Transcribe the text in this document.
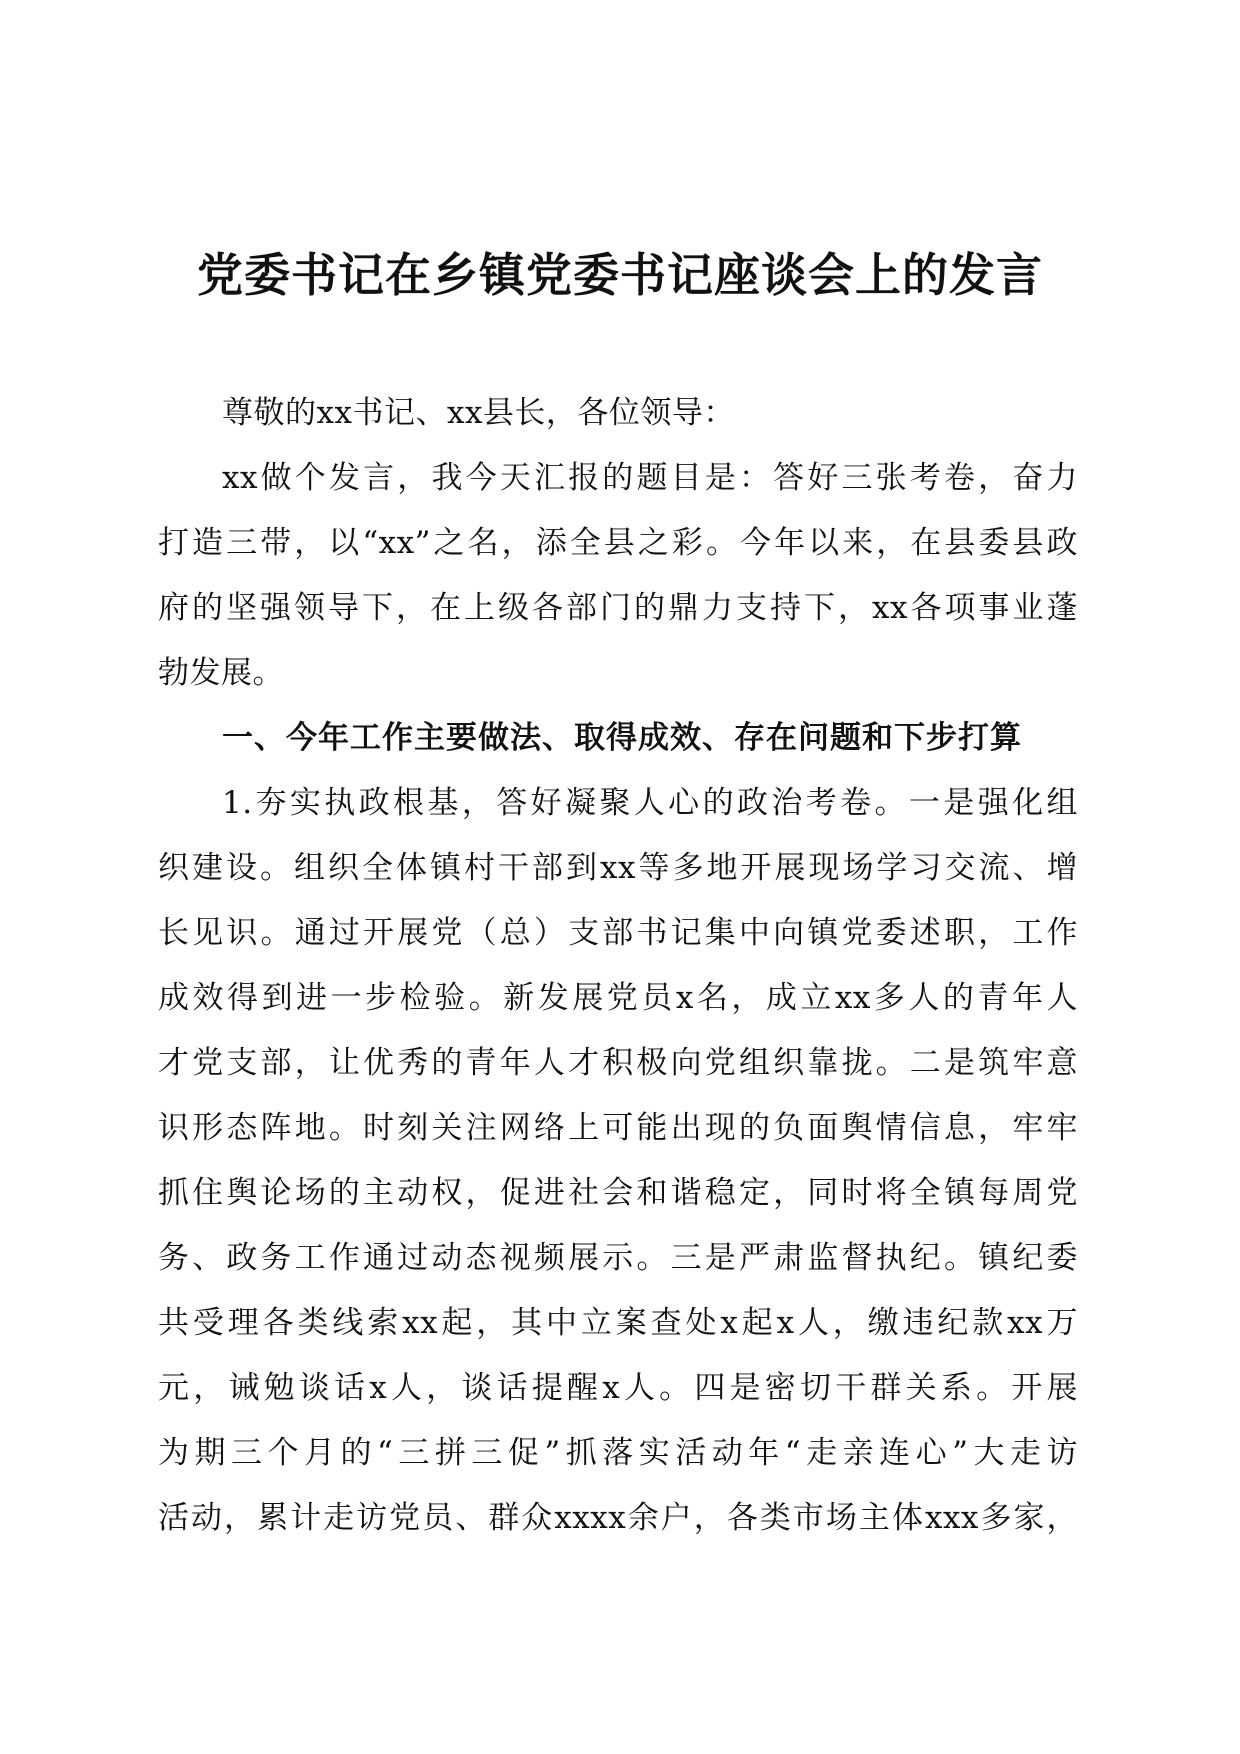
党委书记在乡镇党委书记座谈会上的发言
尊敬的xx书记、xx县长，各位领导：
xx做个发言，我今天汇报的题目是：答好三张考卷，奋力
打造三带，以“xx”之名，添全县之彩。今年以来，在县委县政
府的坚强领导下，在上级各部门的鼎力支持下，xx各项事业蓬
勃发展。
一、今年工作主要做法、取得成效、存在问题和下步打算
1.夯实执政根基，答好凝聚人心的政治考卷。一是强化组
织建设。组织全体镇村干部到xx等多地开展现场学习交流、增
长见识。通过开展党（总）支部书记集中向镇党委述职，工作
成效得到进一步检验。新发展党员x名，成立xx多人的青年人
才党支部，让优秀的青年人才积极向党组织靠拢。二是筑牢意
识形态阵地。时刻关注网络上可能出现的负面舆情信息，牢牢
抓住舆论场的主动权，促进社会和谐稳定，同时将全镇每周党
务、政务工作通过动态视频展示。三是严肃监督执纪。镇纪委
共受理各类线索xx起，其中立案查处x起x人，缴违纪款xx万
元，诫勉谈话x人，谈话提醒x人。四是密切干群关系。开展
为期三个月的“三拼三促”抓落实活动年“走亲连心”大走访
活动，累计走访党员、群众xxxx余户，各类市场主体xxx多家，
